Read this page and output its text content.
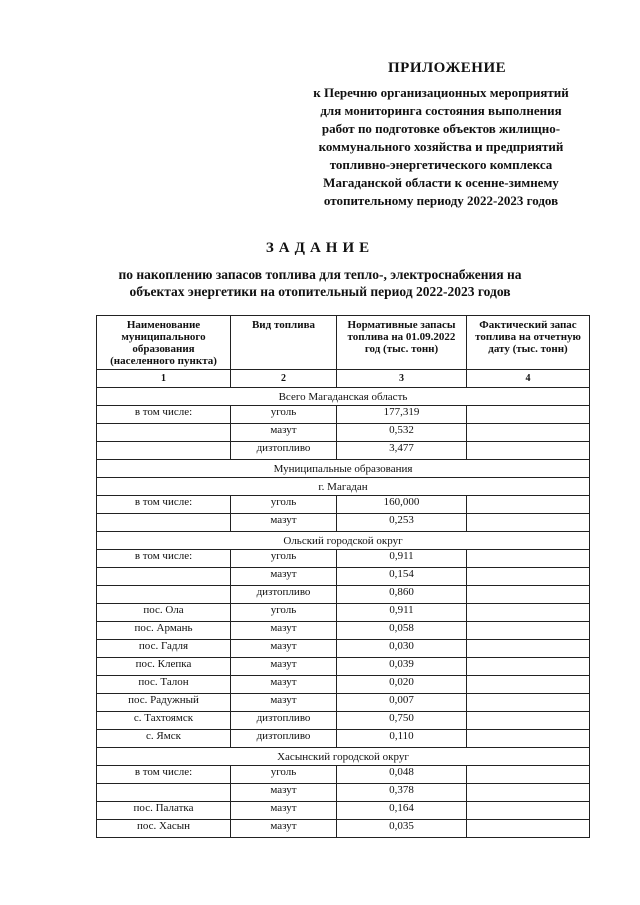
ПРИЛОЖЕНИЕ
к Перечню организационных мероприятий
для мониторинга состояния выполнения
работ по подготовке объектов жилищно-
коммунального хозяйства и предприятий
топливно-энергетического комплекса
Магаданской области к осенне-зимнему
отопительному периоду 2022-2023 годов
ЗАДАНИЕ
по накоплению запасов топлива для тепло-, электроснабжения на
объектах энергетики на отопительный период 2022-2023 годов
Наименование муниципального образования (населенного пункта)	Вид топлива	Нормативные запасы топлива на 01.09.2022 год (тыс. тонн)	Фактический запас топлива на отчетную дату (тыс. тонн)
1	2	3	4
Всего Магаданская область			
в том числе:	уголь	177,319	
	мазут	0,532	
	дизтопливо	3,477	
Муниципальные образования			
г. Магадан			
в том числе:	уголь	160,000	
	мазут	0,253	
Ольский городской округ			
в том числе:	уголь	0,911	
	мазут	0,154	
	дизтопливо	0,860	
пос. Ола	уголь	0,911	
пос. Армань	мазут	0,058	
пос. Гадля	мазут	0,030	
пос. Клепка	мазут	0,039	
пос. Талон	мазут	0,020	
пос. Радужный	мазут	0,007	
с. Тахтоямск	дизтопливо	0,750	
с. Ямск	дизтопливо	0,110	
Хасынский городской округ			
в том числе:	уголь	0,048	
	мазут	0,378	
пос. Палатка	мазут	0,164	
пос. Хасын	мазут	0,035	
